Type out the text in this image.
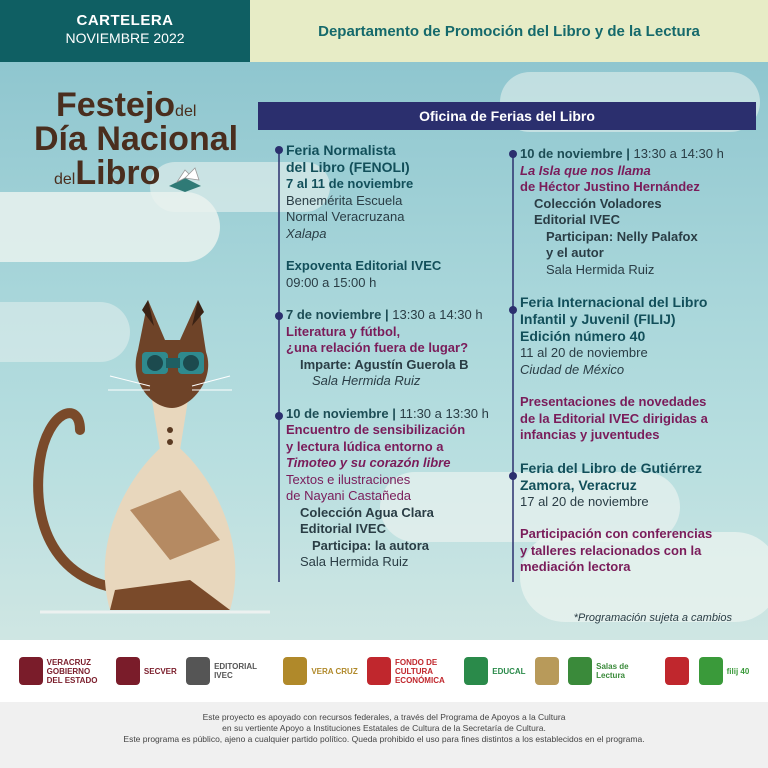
CARTELERA
NOVIEMBRE 2022	Departamento de Promoción del Libro y de la Lectura
Festejodel
Día Nacional
delLibro
Oficina de Ferias del Libro
Feria Normalista
del Libro (FENOLI)
7 al 11 de noviembre
Benemérita Escuela
Normal Veracruzana
Xalapa
Expoventa Editorial IVEC
09:00 a 15:00 h
7 de noviembre | 13:30 a 14:30 h
Literatura y fútbol,
¿una relación fuera de lugar?
Imparte: Agustín Guerola B
Sala Hermida Ruiz
10 de noviembre | 11:30 a 13:30 h
Encuentro de sensibilización
y lectura lúdica entorno a
Timoteo y su corazón libre
Textos e ilustraciones
de Nayani Castañeda
Colección Agua Clara
Editorial IVEC
Participa: la autora
Sala Hermida Ruiz
10 de noviembre | 13:30 a 14:30 h
La Isla que nos llama
de Héctor Justino Hernández
Colección Voladores
Editorial IVEC
Participan: Nelly Palafox
y el autor
Sala Hermida Ruiz
Feria Internacional del Libro
Infantil y Juvenil (FILIJ)
Edición número 40
11 al 20 de noviembre
Ciudad de México
Presentaciones de novedades
de la Editorial IVEC dirigidas a
infancias y juventudes
Feria del Libro de Gutiérrez
Zamora, Veracruz
17 al 20 de noviembre
Participación con conferencias
y talleres relacionados con la
mediación lectora
*Programación sujeta a cambios
VERACRUZ GOBIERNO DEL ESTADO
SECVER	EDITORIAL IVEC	VERA CRUZ
FONDO DE CULTURA ECONÓMICA
EDUCAL	Salas de Lectura	filij 40
Este proyecto es apoyado con recursos federales, a través del Programa de Apoyos a la Cultura
en su vertiente Apoyo a Instituciones Estatales de Cultura de la Secretaría de Cultura.
Este programa es público, ajeno a cualquier partido político. Queda prohibido el uso para fines distintos a los establecidos en el programa.
